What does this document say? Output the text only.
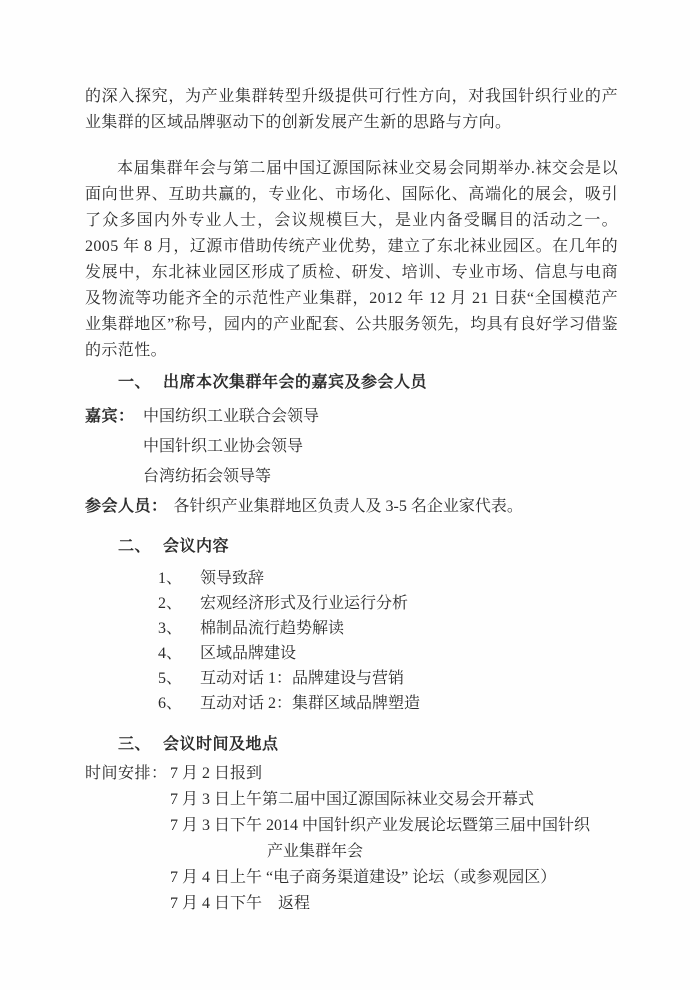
的深入探究，为产业集群转型升级提供可行性方向，对我国针织行业的产业集群的区域品牌驱动下的创新发展产生新的思路与方向。
本届集群年会与第二届中国辽源国际袜业交易会同期举办.袜交会是以面向世界、互助共赢的，专业化、市场化、国际化、高端化的展会，吸引了众多国内外专业人士，会议规模巨大，是业内备受瞩目的活动之一。2005 年 8 月，辽源市借助传统产业优势，建立了东北袜业园区。在几年的发展中，东北袜业园区形成了质检、研发、培训、专业市场、信息与电商及物流等功能齐全的示范性产业集群，2012 年 12 月 21 日获“全国模范产业集群地区”称号，园内的产业配套、公共服务领先，均具有良好学习借鉴的示范性。
一、 出席本次集群年会的嘉宾及参会人员
嘉宾： 中国纺织工业联合会领导
中国针织工业协会领导
台湾纺拓会领导等
参会人员： 各针织产业集群地区负责人及 3-5 名企业家代表。
二、 会议内容
1、 领导致辞
2、 宏观经济形式及行业运行分析
3、 棉制品流行趋势解读
4、 区域品牌建设
5、 互动对话 1：品牌建设与营销
6、 互动对话 2：集群区域品牌塑造
三、 会议时间及地点
时间安排： 7 月 2 日报到
7 月 3 日上午第二届中国辽源国际袜业交易会开幕式
7 月 3 日下午 2014 中国针织产业发展论坛暨第三届中国针织
产业集群年会
7 月 4 日上午 “电子商务渠道建设” 论坛（或参观园区）
7 月 4 日下午　返程
